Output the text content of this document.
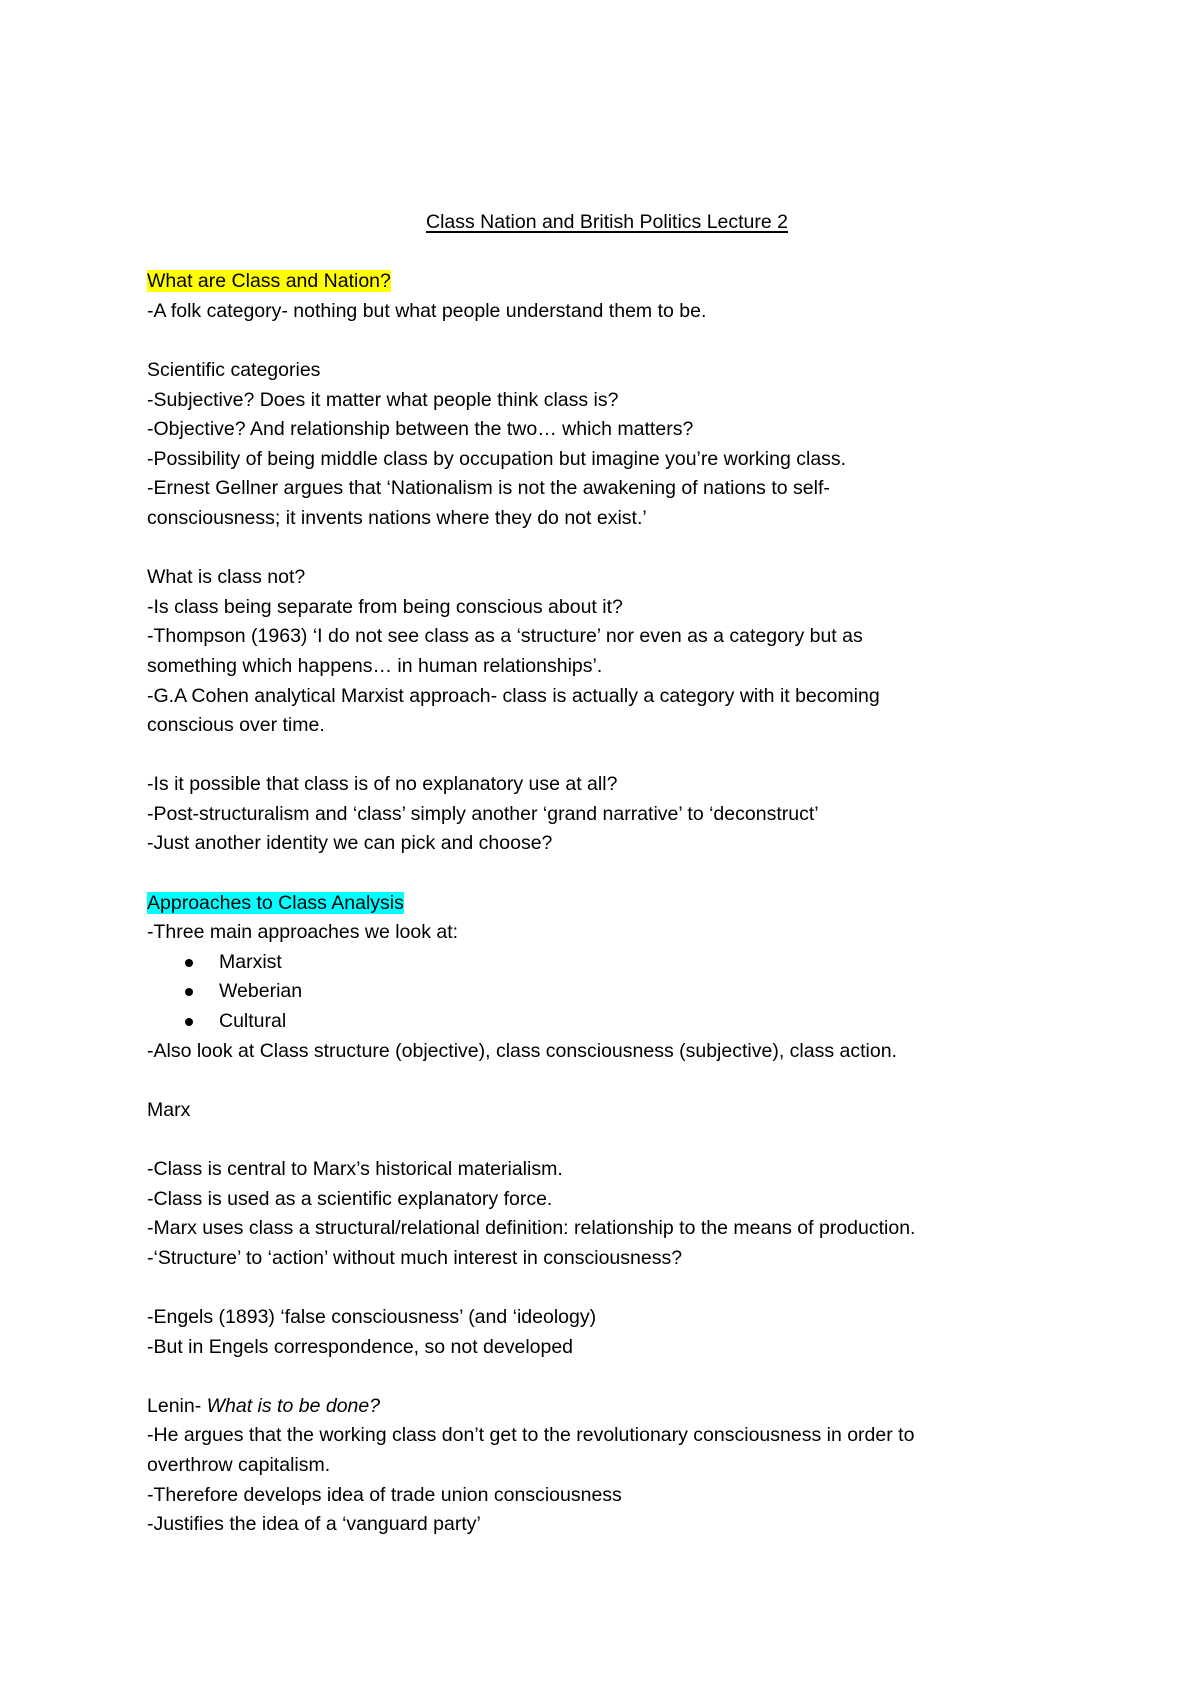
Class Nation and British Politics Lecture 2
What are Class and Nation?
-A folk category- nothing but what people understand them to be.
Scientific categories
-Subjective? Does it matter what people think class is?
-Objective? And relationship between the two… which matters?
-Possibility of being middle class by occupation but imagine you’re working class.
-Ernest Gellner argues that ‘Nationalism is not the awakening of nations to self-
consciousness; it invents nations where they do not exist.’
What is class not?
-Is class being separate from being conscious about it?
-Thompson (1963) ‘I do not see class as a ‘structure’ nor even as a category but as
something which happens… in human relationships’.
-G.A Cohen analytical Marxist approach- class is actually a category with it becoming
conscious over time.
-Is it possible that class is of no explanatory use at all?
-Post-structuralism and ‘class’ simply another ‘grand narrative’ to ‘deconstruct’
-Just another identity we can pick and choose?
Approaches to Class Analysis
-Three main approaches we look at:
Marxist
Weberian
Cultural
-Also look at Class structure (objective), class consciousness (subjective), class action.
Marx
-Class is central to Marx’s historical materialism.
-Class is used as a scientific explanatory force.
-Marx uses class a structural/relational definition: relationship to the means of production.
-‘Structure’ to ‘action’ without much interest in consciousness?
-Engels (1893) ‘false consciousness’ (and ‘ideology)
-But in Engels correspondence, so not developed
Lenin- What is to be done?
-He argues that the working class don’t get to the revolutionary consciousness in order to
overthrow capitalism.
-Therefore develops idea of trade union consciousness
-Justifies the idea of a ‘vanguard party’
